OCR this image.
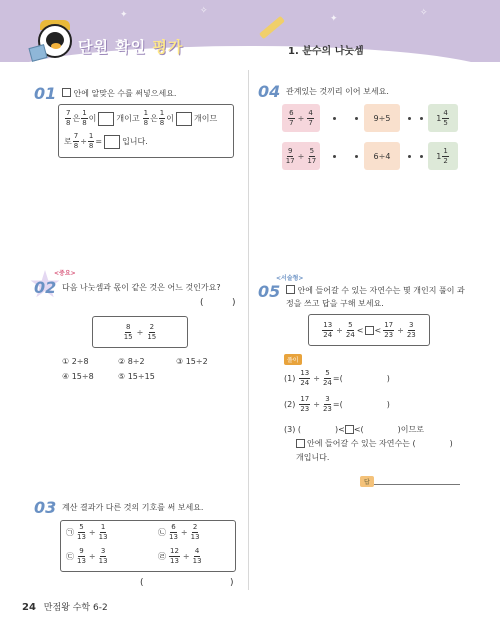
✦	✧
✦
✧
단원 확인 평가	1. 분수의 나눗셈
01	안에 알맞은 수를 써넣으세요.
$\frac{7}{8}$ 은 $\frac{1}{8}$ 이	개이고 $\frac{1}{8}$ 은 $\frac{1}{8}$ 이	개이므
로 $\frac{7}{8} \div \frac{1}{8}$ =	입니다.
<중요>
02 다음 나눗셈과 몫이 같은 것은 어느 것인가요?
(	)
$\frac{8}{15} \div \frac{2}{15}$
① 2÷8	② 8÷2	③ 15÷2
④ 15÷8	⑤ 15÷15
03 계산 결과가 다른 것의 기호를 써 보세요.
㉠ $\frac{5}{13} \div \frac{1}{13}$	㉡ $\frac{6}{13} \div \frac{2}{13}$
㉢ $\frac{9}{13} \div \frac{3}{13}$	㉣ $\frac{12}{13} \div \frac{4}{13}$
(	)
04 관계있는 것끼리 이어 보세요.
$\frac{6}{7} \div \frac{4}{7}$
$\frac{9}{17} \div \frac{5}{17}$
9÷5
6÷4
$1 \frac{4}{5}$
$1 \frac{1}{2}$
<서술형>
05	안에 들어갈 수 있는 자연수는 몇 개인지 풀이 과
정을 쓰고 답을 구해 보세요.
$\frac{13}{24} \div \frac{5}{24}$ < < $\frac{17}{23} \div \frac{3}{23}$
풀이
$(1) \frac{13}{24} \div \frac{5}{24}$ =(	)
$(2) \frac{17}{23} \div \frac{3}{23}$ =(	)
(3) (	)< <(	)이므로
안에 들어갈 수 있는 자연수는 (	)
개입니다.
답
24 만점왕 수학 6-2
